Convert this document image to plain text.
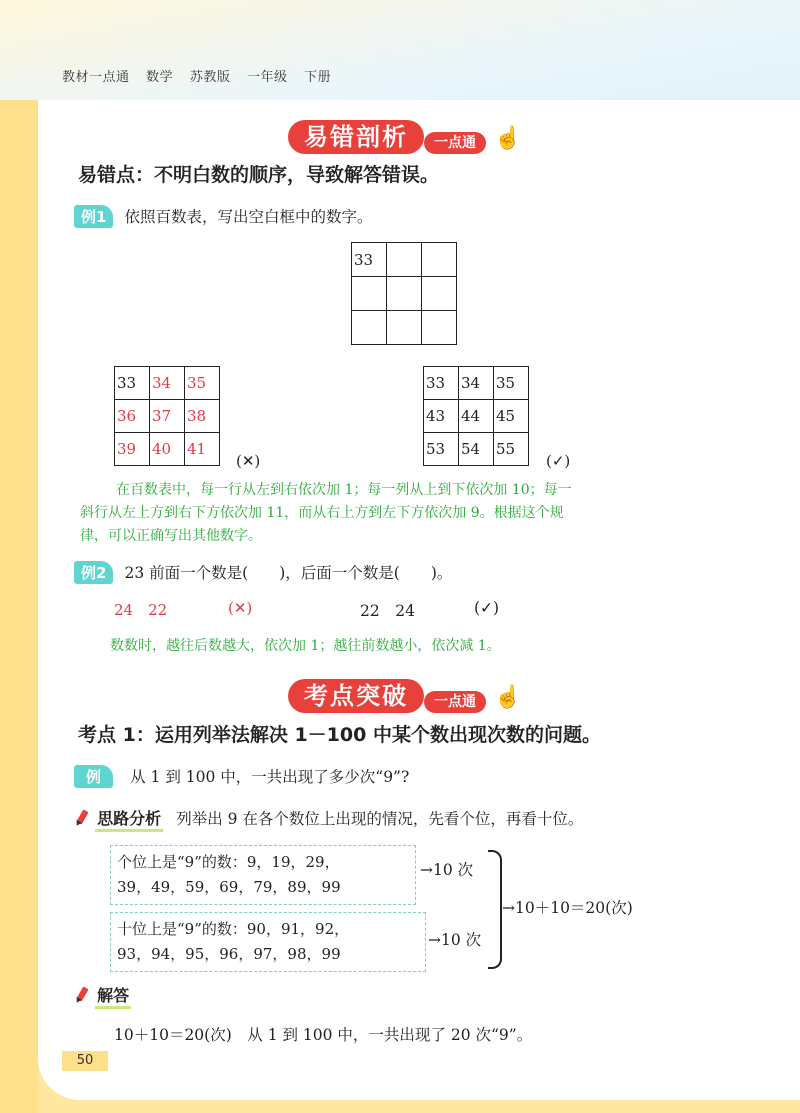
教材一点通 数学 苏教版 一年级 下册
易错剖析	一点通 ☝
易错点：不明白数的顺序，导致解答错误。
例1 依照百数表，写出空白框中的数字。
33		

33	34	35
36	37	38
39	40	41
(✕)
33	34	35
43	44	45
53	54	55
(✓)
在百数表中，每一行从左到右依次加 1；每一列从上到下依次加 10；每一
斜行从左上方到右下方依次加 11，而从右上方到左下方依次加 9。根据这个规
律，可以正确写出其他数字。
例2 23 前面一个数是(　　)，后面一个数是(　　)。
24　22	(✕)	22　24	(✓)
数数时，越往后数越大，依次加 1；越往前数越小，依次减 1。
考点突破	一点通 ☝
考点 1：运用列举法解决 1－100 中某个数出现次数的问题。
例 从 1 到 100 中，一共出现了多少次“9”?
思路分析 列举出 9 在各个数位上出现的情况，先看个位，再看十位。
个位上是“9”的数：9，19，29，
39，49，59，69，79，89，99
→10 次
十位上是“9”的数：90，91，92，
93，94，95，96，97，98，99
→10 次
→10＋10＝20(次)
解答
10＋10＝20(次)　从 1 到 100 中，一共出现了 20 次“9”。
50
